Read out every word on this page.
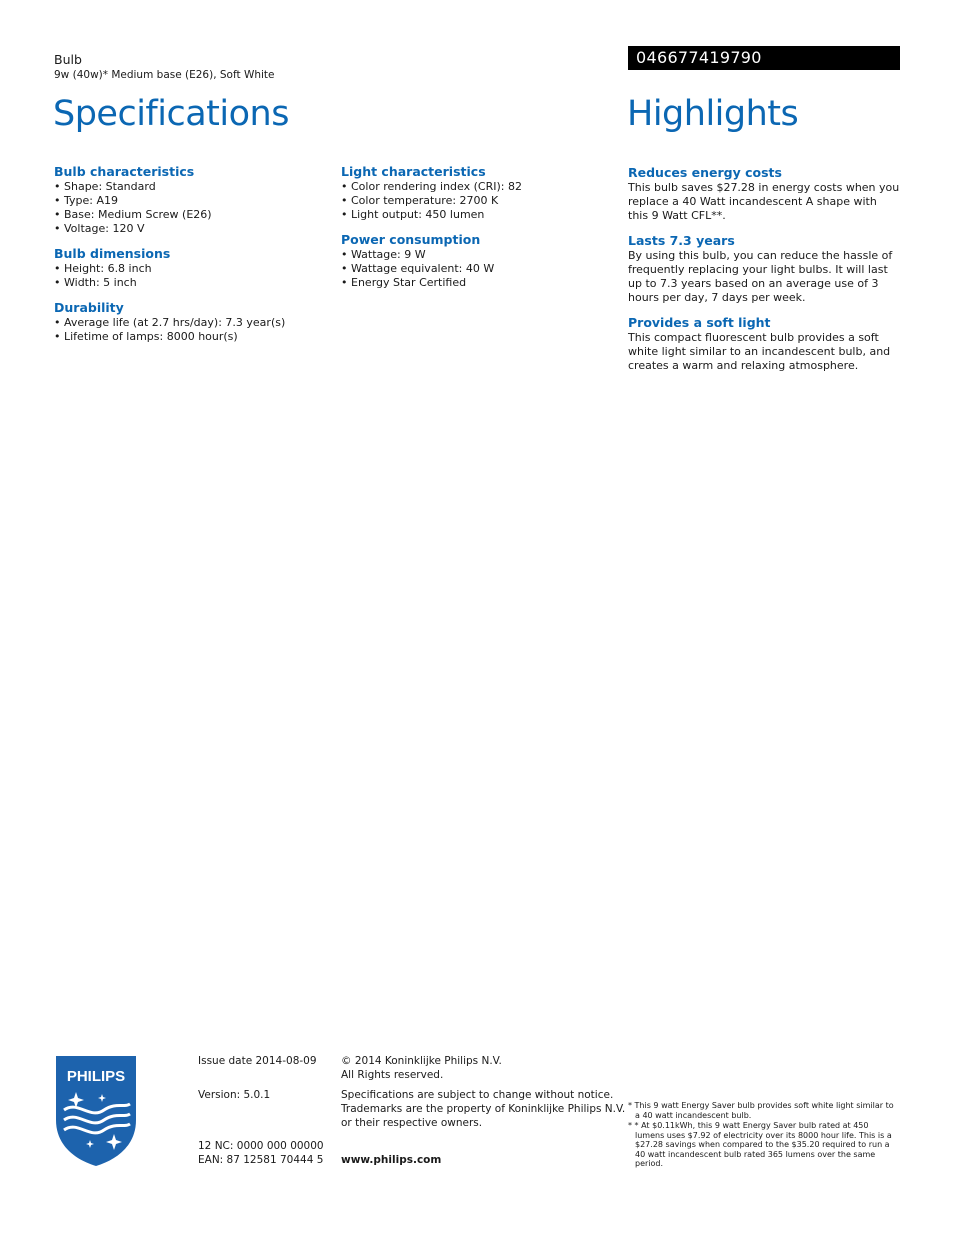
Bulb
9w (40w)* Medium base (E26), Soft White
046677419790
Specifications	Highlights
Bulb characteristics
• Shape: Standard
• Type: A19
• Base: Medium Screw (E26)
• Voltage: 120 V
Bulb dimensions
• Height: 6.8 inch
• Width: 5 inch
Durability
• Average life (at 2.7 hrs/day): 7.3 year(s)
• Lifetime of lamps: 8000 hour(s)
Light characteristics
• Color rendering index (CRI): 82
• Color temperature: 2700 K
• Light output: 450 lumen
Power consumption
• Wattage: 9 W
• Wattage equivalent: 40 W
• Energy Star Certified
Reduces energy costs
This bulb saves $27.28 in energy costs when you replace a 40 Watt incandescent A shape with this 9 Watt CFL**.
Lasts 7.3 years
By using this bulb, you can reduce the hassle of frequently replacing your light bulbs. It will last up to 7.3 years based on an average use of 3 hours per day, 7 days per week.
Provides a soft light
This compact fluorescent bulb provides a soft white light similar to an incandescent bulb, and creates a warm and relaxing atmosphere.
PHILIPS
Issue date 2014-08-09
Version: 5.0.1
12 NC: 0000 000 00000
EAN: 87 12581 70444 5
© 2014 Koninklijke Philips N.V.
All Rights reserved.
Specifications are subject to change without notice.
Trademarks are the property of Koninklijke Philips N.V.
or their respective owners.
www.philips.com
* This 9 watt Energy Saver bulb provides soft white light similar to a 40 watt incandescent bulb.
* * At $0.11kWh, this 9 watt Energy Saver bulb rated at 450 lumens uses $7.92 of electricity over its 8000 hour life. This is a $27.28 savings when compared to the $35.20 required to run a 40 watt incandescent bulb rated 365 lumens over the same period.
